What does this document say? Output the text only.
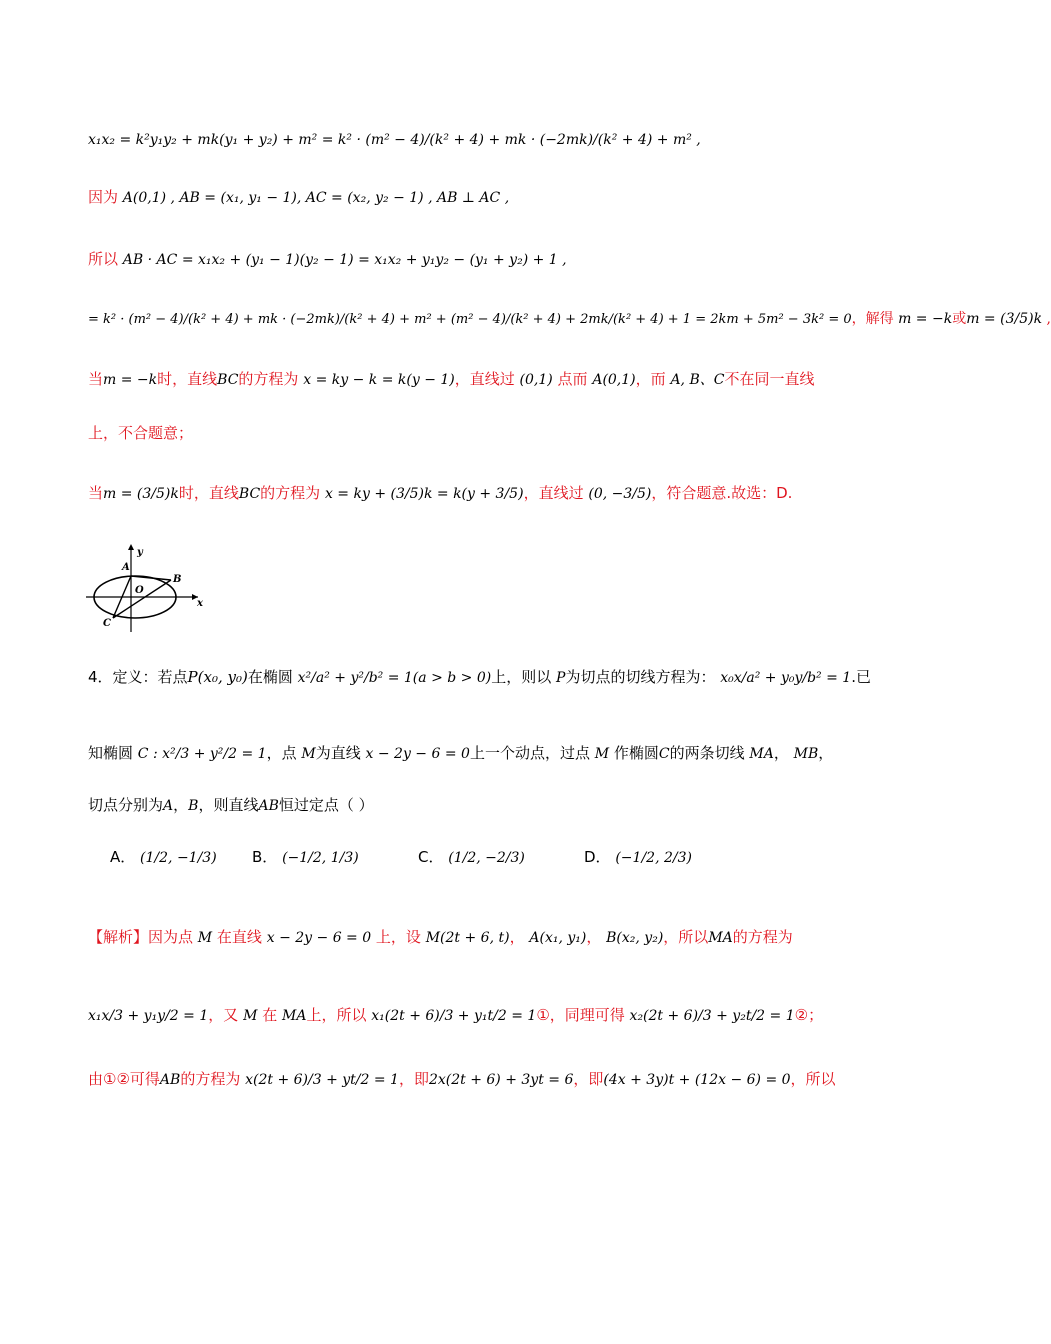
x₁x₂ = k²y₁y₂ + mk(y₁ + y₂) + m² = k² · (m² − 4)/(k² + 4) + mk · (−2mk)/(k² + 4) + m² ,
因为 A(0,1) , AB = (x₁, y₁ − 1), AC = (x₂, y₂ − 1) , AB ⊥ AC ,
所以 AB · AC = x₁x₂ + (y₁ − 1)(y₂ − 1) = x₁x₂ + y₁y₂ − (y₁ + y₂) + 1 ,
= k² · (m² − 4)/(k² + 4) + mk · (−2mk)/(k² + 4) + m² + (m² − 4)/(k² + 4) + 2mk/(k² + 4) + 1 = 2km + 5m² − 3k² = 0，解得 m = −k或m = (3/5)k ,
当m = −k时，直线BC的方程为 x = ky − k = k(y − 1)，直线过 (0,1) 点而 A(0,1)，而 A, B、C不在同一直线
上，不合题意；
当m = (3/5)k时，直线BC的方程为 x = ky + (3/5)k = k(y + 3/5)，直线过 (0, −3/5)，符合题意.故选：D.
y
x
A
O
B
C
4．定义：若点P(x₀, y₀)在椭圆 x²/a² + y²/b² = 1(a > b > 0)上，则以 P为切点的切线方程为： x₀x/a² + y₀y/b² = 1.已
知椭圆 C : x²/3 + y²/2 = 1，点 M为直线 x − 2y − 6 = 0上一个动点，过点 M 作椭圆C的两条切线 MA， MB，
切点分别为A，B，则直线AB恒过定点（ ）
A． (1/2, −1/3) B． (−1/2, 1/3)	C． (1/2, −2/3)	D． (−1/2, 2/3)
【解析】因为点 M 在直线 x − 2y − 6 = 0 上，设 M(2t + 6, t)， A(x₁, y₁)， B(x₂, y₂)，所以MA的方程为
x₁x/3 + y₁y/2 = 1，又 M 在 MA上，所以 x₁(2t + 6)/3 + y₁t/2 = 1①，同理可得 x₂(2t + 6)/3 + y₂t/2 = 1②；
由①②可得AB的方程为 x(2t + 6)/3 + yt/2 = 1，即2x(2t + 6) + 3yt = 6，即(4x + 3y)t + (12x − 6) = 0，所以
